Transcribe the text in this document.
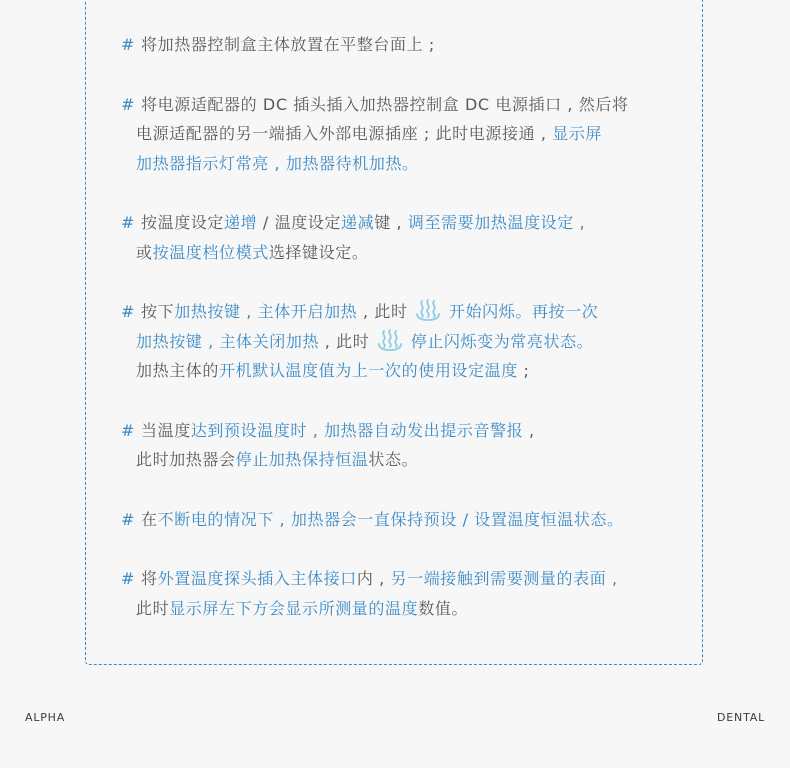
# 将加热器控制盒主体放置在平整台面上 ;
# 将电源适配器的 DC 插头插入加热器控制盒 DC 电源插口 , 然后将
电源适配器的另一端插入外部电源插座 ; 此时电源接通 , 显示屏
加热器指示灯常亮 , 加热器待机加热。
# 按温度设定递增 / 温度设定递减键 , 调至需要加热温度设定 ,
或按温度档位模式选择键设定。
# 按下加热按键 , 主体开启加热 , 此时  开始闪烁。再按一次
加热按键 , 主体关闭加热 , 此时  停止闪烁变为常亮状态。
加热主体的开机默认温度值为上一次的使用设定温度 ;
# 当温度达到预设温度时 , 加热器自动发出提示音警报 ,
此时加热器会停止加热保持恒温状态。
# 在不断电的情况下 , 加热器会一直保持预设 / 设置温度恒温状态。
# 将外置温度探头插入主体接口内 , 另一端接触到需要测量的表面 ,
此时显示屏左下方会显示所测量的温度数值。
ALPHA	DENTAL
